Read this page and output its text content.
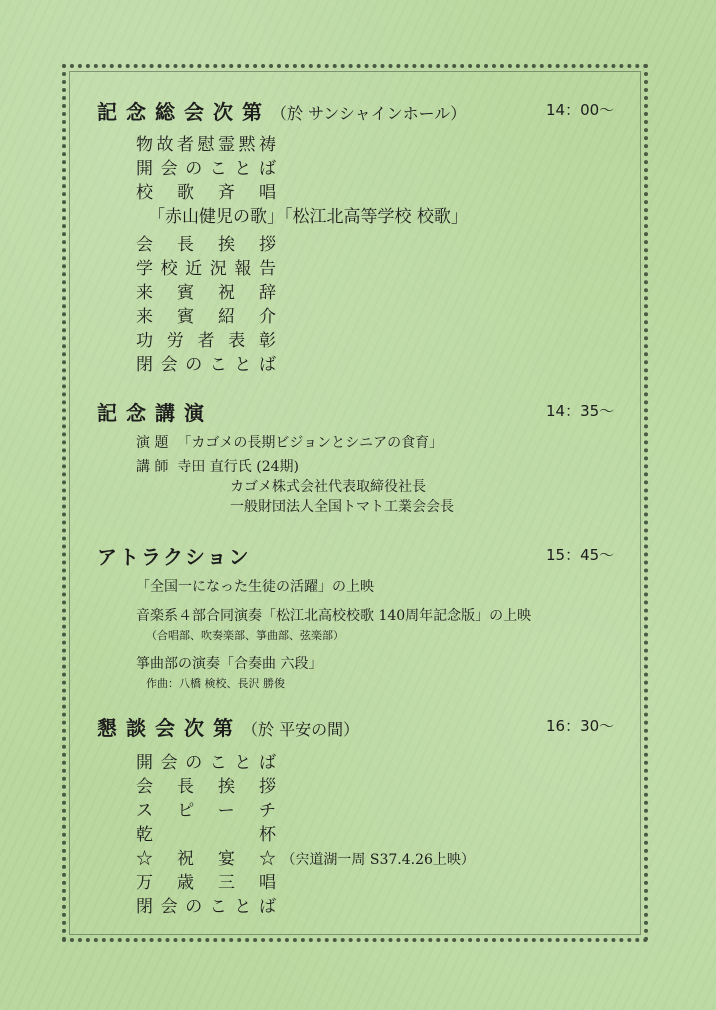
記念総会次第（於 サンシャインホール）	14：00～
物故者慰霊黙祷
開会のことば
校歌斉唱
「赤山健児の歌」「松江北高等学校 校歌」
会長挨拶
学校近況報告
来賓祝辞
来賓紹介
功労者表彰
閉会のことば
記念講演	14：35～
演 題 「カゴメの長期ビジョンとシニアの食育」
講 師 寺田 直行氏 (24期)
カゴメ株式会社代表取締役社長
一般財団法人全国トマト工業会会長
アトラクション	15：45～
「全国一になった生徒の活躍」の上映
音楽系４部合同演奏「松江北高校校歌 140周年記念版」の上映
（合唱部、吹奏楽部、箏曲部、弦楽部）
箏曲部の演奏「合奏曲 六段」
作曲：八橋 検校、長沢 勝俊
懇談会次第（於 平安の間）	16：30～
開会のことば
会長挨拶
スピーチ
乾杯
☆祝宴☆ （宍道湖一周 S37.4.26上映）
万歳三唱
閉会のことば
